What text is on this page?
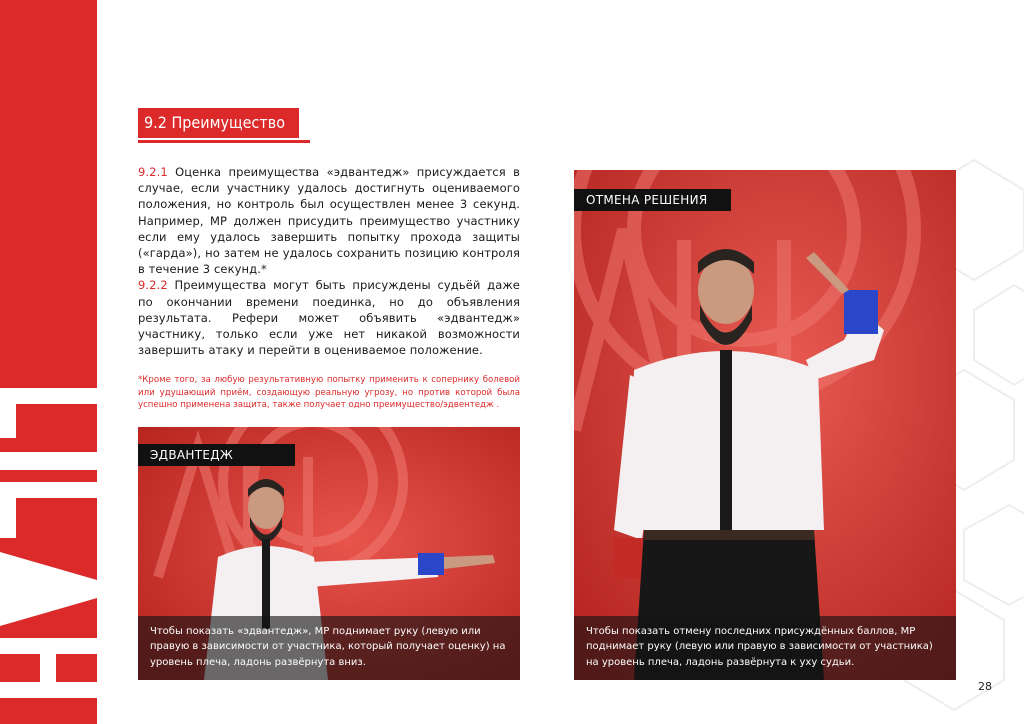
9.2 Преимущество

9.2.1 Оценка преимущества «эдвантедж» присуждается в случае, если участнику удалось достигнуть оцениваемого положения, но контроль был осуществлен менее 3 секунд. Например, МР должен присудить преимущество участнику если ему удалось завершить попытку прохода защиты («гарда»), но затем не удалось сохранить позицию контроля в течение 3 секунд.*

9.2.2 Преимущества могут быть присуждены судьёй даже по окончании времени поединка, но до объявления результата. Рефери может объявить «эдвантедж» участнику, только если уже нет никакой возможности завершить атаку и перейти в оцениваемое положение.

*Кроме того, за любую результативную попытку применить к сопернику болевой или удушающий приём, создающую реальную угрозу, но против которой была успешно применена защита, также получает одно преимущество/эдвентедж .
ЭДВАНТЕДЖ
Чтобы показать «эдвантедж», МР поднимает руку (левую или правую в зависимости от участника, который получает оценку) на уровень плеча, ладонь развёрнута вниз.
ОТМЕНА РЕШЕНИЯ
Чтобы показать отмену последних присуждённых баллов, МР поднимает руку (левую или правую в зависимости от участника) на уровень плеча, ладонь развёрнута к уху судьи.
28
